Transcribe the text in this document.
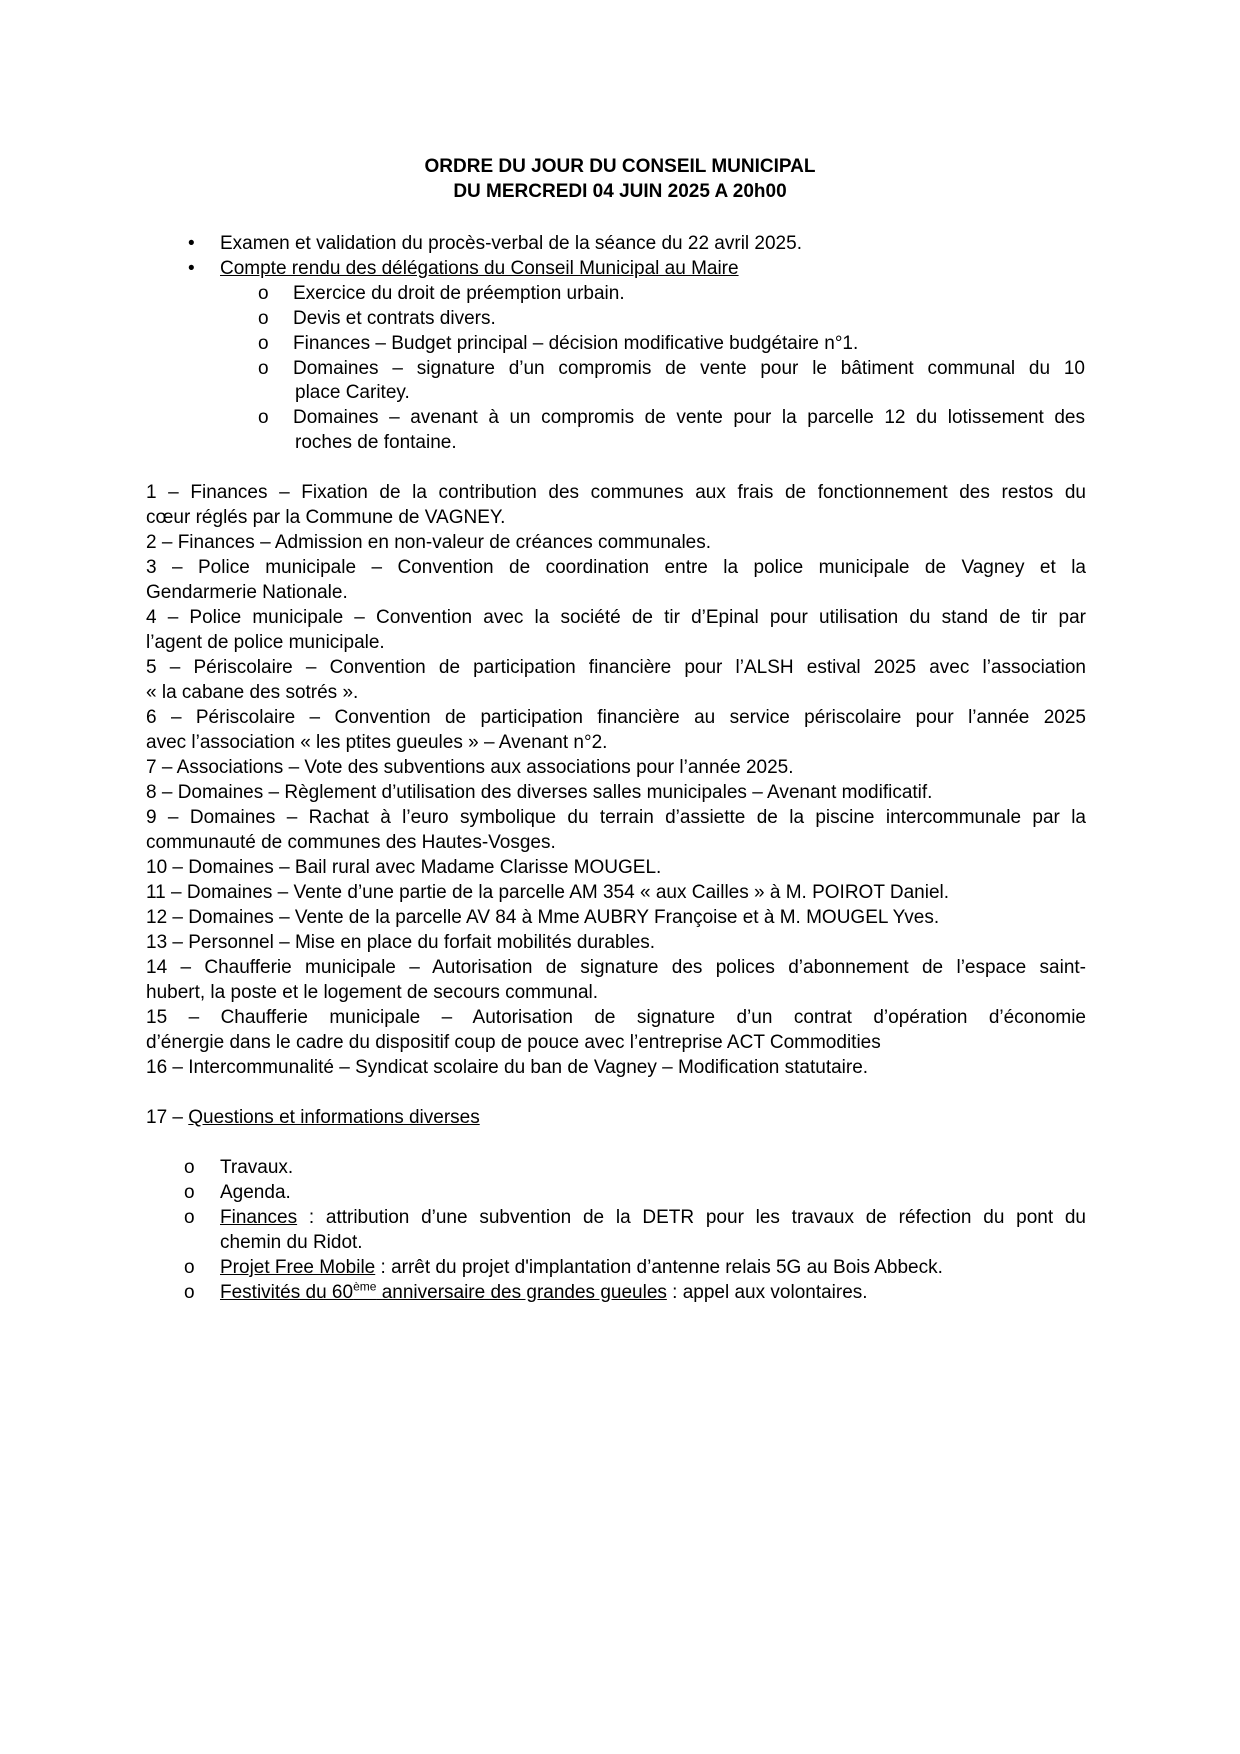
ORDRE DU JOUR DU CONSEIL MUNICIPAL
DU MERCREDI 04 JUIN 2025 A 20h00
• Examen et validation du procès-verbal de la séance du 22 avril 2025.
• Compte rendu des délégations du Conseil Municipal au Maire
o Exercice du droit de préemption urbain.
o Devis et contrats divers.
o Finances – Budget principal – décision modificative budgétaire n°1.
o Domaines – signature d’un compromis de vente pour le bâtiment communal du 10
place Caritey.
o Domaines – avenant à un compromis de vente pour la parcelle 12 du lotissement des
roches de fontaine.
1 – Finances – Fixation de la contribution des communes aux frais de fonctionnement des restos du
cœur réglés par la Commune de VAGNEY.
2 – Finances – Admission en non-valeur de créances communales.
3 – Police municipale – Convention de coordination entre la police municipale de Vagney et la
Gendarmerie Nationale.
4 – Police municipale – Convention avec la société de tir d’Epinal pour utilisation du stand de tir par
l’agent de police municipale.
5 – Périscolaire – Convention de participation financière pour l’ALSH estival 2025 avec l’association
« la cabane des sotrés ».
6 – Périscolaire – Convention de participation financière au service périscolaire pour l’année 2025
avec l’association « les ptites gueules » – Avenant n°2.
7 – Associations – Vote des subventions aux associations pour l’année 2025.
8 – Domaines – Règlement d’utilisation des diverses salles municipales – Avenant modificatif.
9 – Domaines – Rachat à l’euro symbolique du terrain d’assiette de la piscine intercommunale par la
communauté de communes des Hautes-Vosges.
10 – Domaines – Bail rural avec Madame Clarisse MOUGEL.
11 – Domaines – Vente d’une partie de la parcelle AM 354 « aux Cailles » à M. POIROT Daniel.
12 – Domaines – Vente de la parcelle AV 84 à Mme AUBRY Françoise et à M. MOUGEL Yves.
13 – Personnel – Mise en place du forfait mobilités durables.
14 – Chaufferie municipale – Autorisation de signature des polices d’abonnement de l’espace saint-
hubert, la poste et le logement de secours communal.
15 – Chaufferie municipale – Autorisation de signature d’un contrat d’opération d’économie
d’énergie dans le cadre du dispositif coup de pouce avec l’entreprise ACT Commodities
16 – Intercommunalité – Syndicat scolaire du ban de Vagney – Modification statutaire.
17 – Questions et informations diverses
o Travaux.
o Agenda.
o Finances : attribution d’une subvention de la DETR pour les travaux de réfection du pont du
chemin du Ridot.
o Projet Free Mobile : arrêt du projet d'implantation d’antenne relais 5G au Bois Abbeck.
o Festivités du 60ème anniversaire des grandes gueules : appel aux volontaires.
